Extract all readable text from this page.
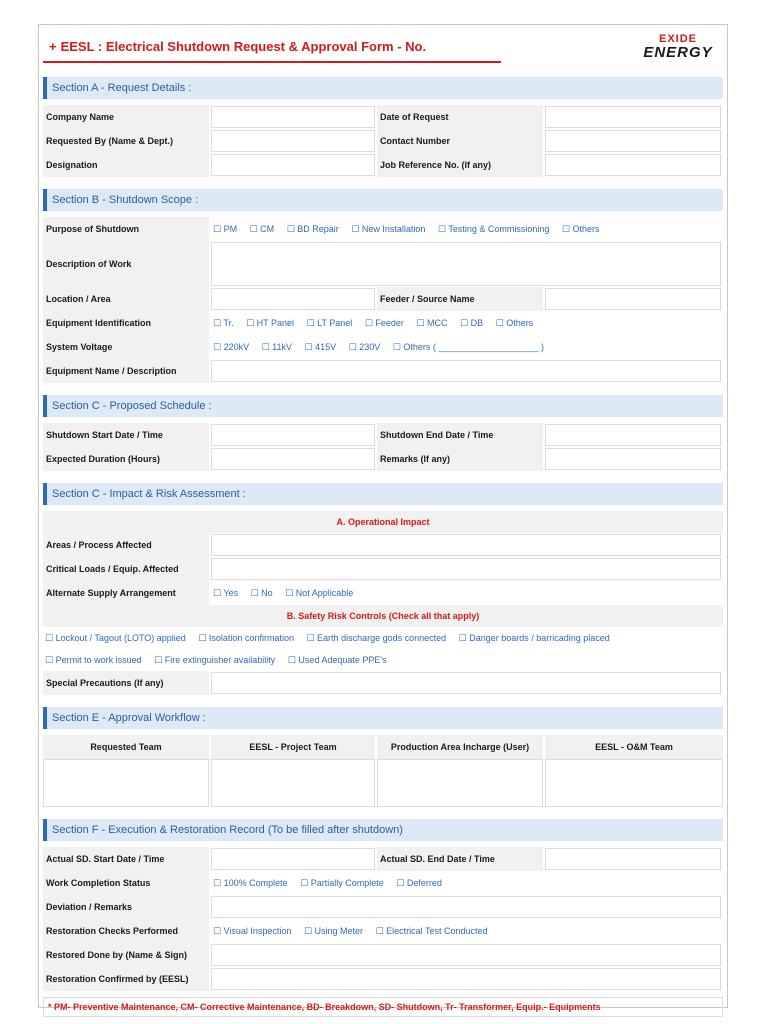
+ EESL : Electrical Shutdown Request & Approval Form - No.	EXIDE
ENERGY
Section A - Request Details :
Company Name	Date of Request
Requested By (Name & Dept.)	Contact Number
Designation	Job Reference No. (If any)
Section B - Shutdown Scope :
Purpose of Shutdown	☐ PM ☐ CM ☐ BD Repair ☐ New Installation ☐ Testing & Commissioning ☐ Others
Description of Work
Location / Area	Feeder / Source Name
Equipment Identification	☐ Tr. ☐ HT Panel ☐ LT Panel ☐ Feeder ☐ MCC ☐ DB ☐ Others
System Voltage	☐ 220kV ☐ 11kV ☐ 415V ☐ 230V ☐ Others ( ____________________ )
Equipment Name / Description
Section C - Proposed Schedule :
Shutdown Start Date / Time	Shutdown End Date / Time
Expected Duration (Hours)	Remarks (If any)
Section C - Impact & Risk Assessment :
A. Operational Impact
Areas / Process Affected
Critical Loads / Equip. Affected
Alternate Supply Arrangement	☐ Yes ☐ No ☐ Not Applicable
B. Safety Risk Controls (Check all that apply)
☐ Lockout / Tagout (LOTO) applied ☐ Isolation confirmation ☐ Earth discharge gods connected ☐ Danger boards / barricading placed
☐ Permit to work issued ☐ Fire extinguisher availability ☐ Used Adequate PPE's
Special Precautions (If any)
Section E - Approval Workflow :
Requested Team	EESL - Project Team	Production Area Incharge (User)	EESL - O&M Team
Section F - Execution & Restoration Record (To be filled after shutdown)
Actual SD. Start Date / Time	Actual SD. End Date / Time
Work Completion Status	☐ 100% Complete ☐ Partially Complete ☐ Deferred
Deviation / Remarks
Restoration Checks Performed	☐ Visual Inspection ☐ Using Meter ☐ Electrical Test Conducted
Restored Done by (Name & Sign)
Restoration Confirmed by (EESL)
* PM- Preventive Maintenance, CM- Corrective Maintenance, BD- Breakdown, SD- Shutdown, Tr- Transformer, Equip.- Equipments
